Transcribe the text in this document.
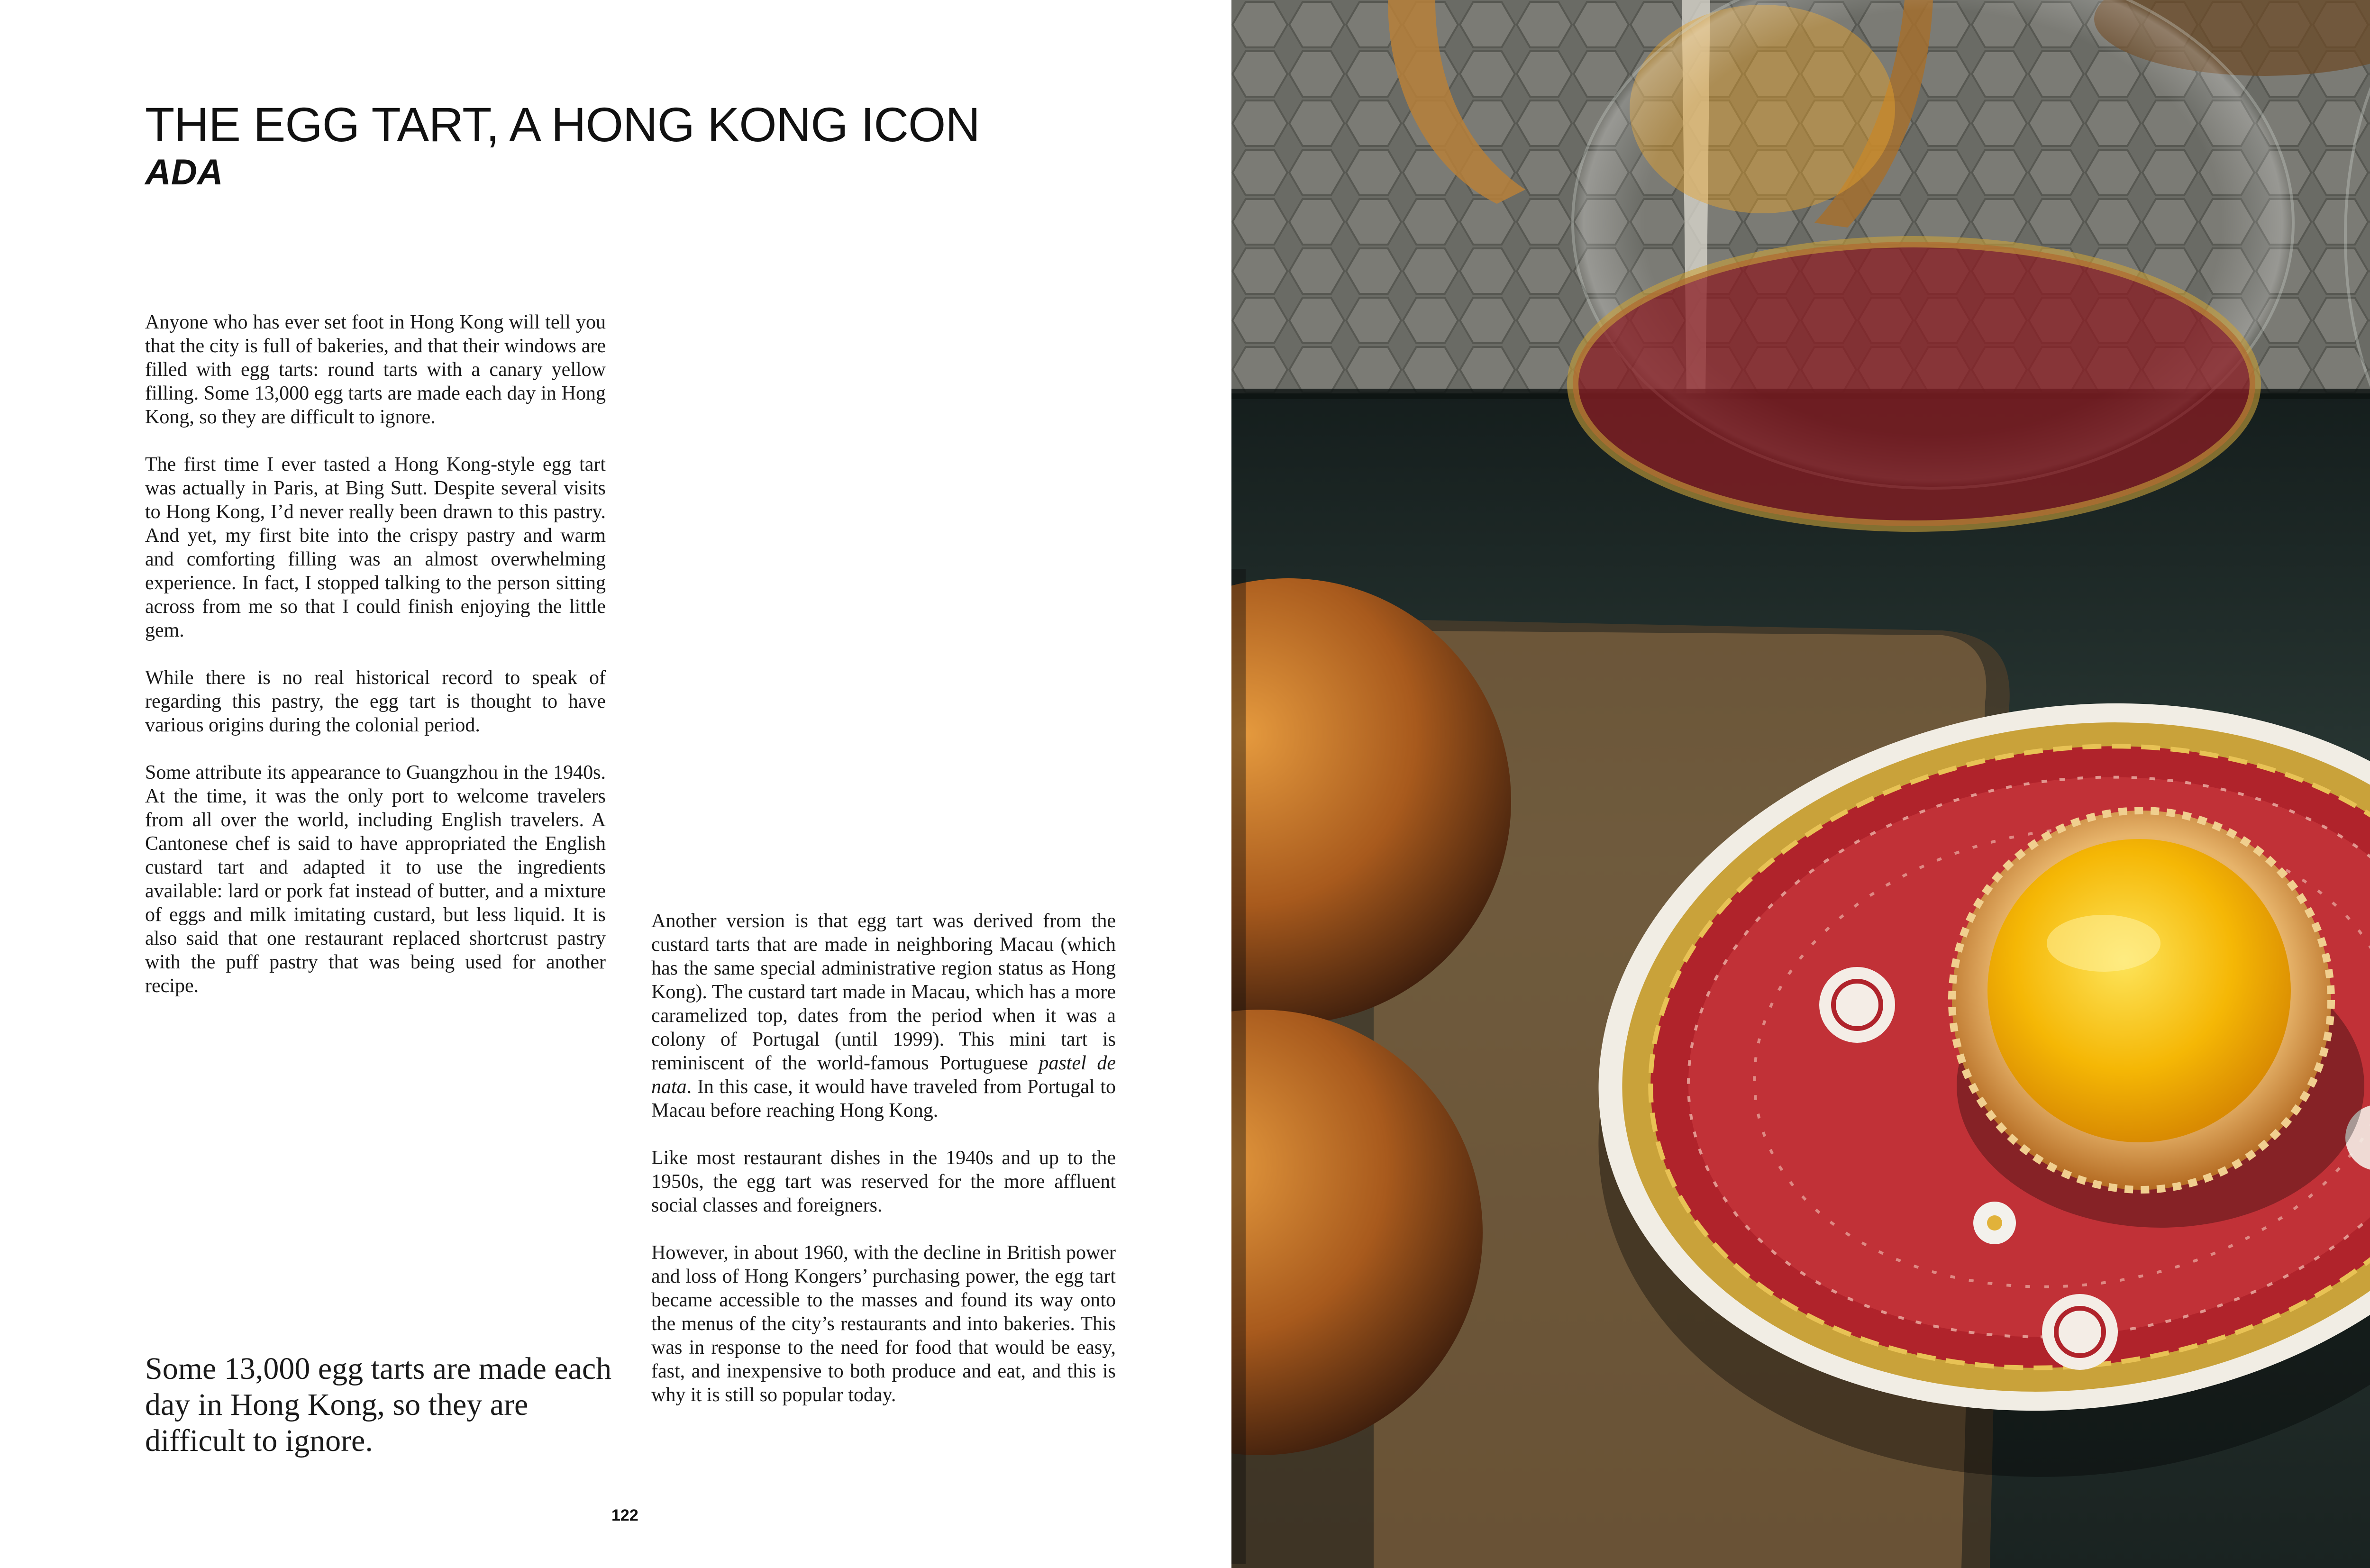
THE EGG TART, A HONG KONG ICON
ADA

Anyone who has ever set foot in Hong Kong will tell you that the city is full of bakeries, and that their windows are filled with egg tarts: round tarts with a canary yellow filling. Some 13,000 egg tarts are made each day in Hong Kong, so they are difficult to ignore.

The first time I ever tasted a Hong Kong-style egg tart was actually in Paris, at Bing Sutt. Despite several visits to Hong Kong, I’d never really been drawn to this pastry. And yet, my first bite into the crispy pastry and warm and comforting filling was an almost overwhelming experience. In fact, I stopped talking to the person sitting across from me so that I could finish enjoying the little gem.

While there is no real historical record to speak of regarding this pastry, the egg tart is thought to have various origins during the colonial period.

Some attribute its appearance to Guangzhou in the 1940s. At the time, it was the only port to welcome travelers from all over the world, including English travelers. A Cantonese chef is said to have appropriated the English custard tart and adapted it to use the ingredients available: lard or pork fat instead of butter, and a mixture of eggs and milk imitating custard, but less liquid. It is also said that one restaurant replaced shortcrust pastry with the puff pastry that was being used for another recipe.

Another version is that egg tart was derived from the custard tarts that are made in neighboring Macau (which has the same special administrative region status as Hong Kong). The custard tart made in Macau, which has a more caramelized top, dates from the period when it was a colony of Portugal (until 1999). This mini tart is reminiscent of the world-famous Portuguese pastel de nata. In this case, it would have traveled from Portugal to Macau before reaching Hong Kong.

Like most restaurant dishes in the 1940s and up to the 1950s, the egg tart was reserved for the more affluent social classes and foreigners.

However, in about 1960, with the decline in British power and loss of Hong Kongers’ purchasing power, the egg tart became accessible to the masses and found its way onto the menus of the city’s restaurants and into bakeries. This was in response to the need for food that would be easy, fast, and inexpensive to both produce and eat, and this is why it is still so popular today.

Some 13,000 egg tarts are made each day in Hong Kong, so they are difficult to ignore.

122
